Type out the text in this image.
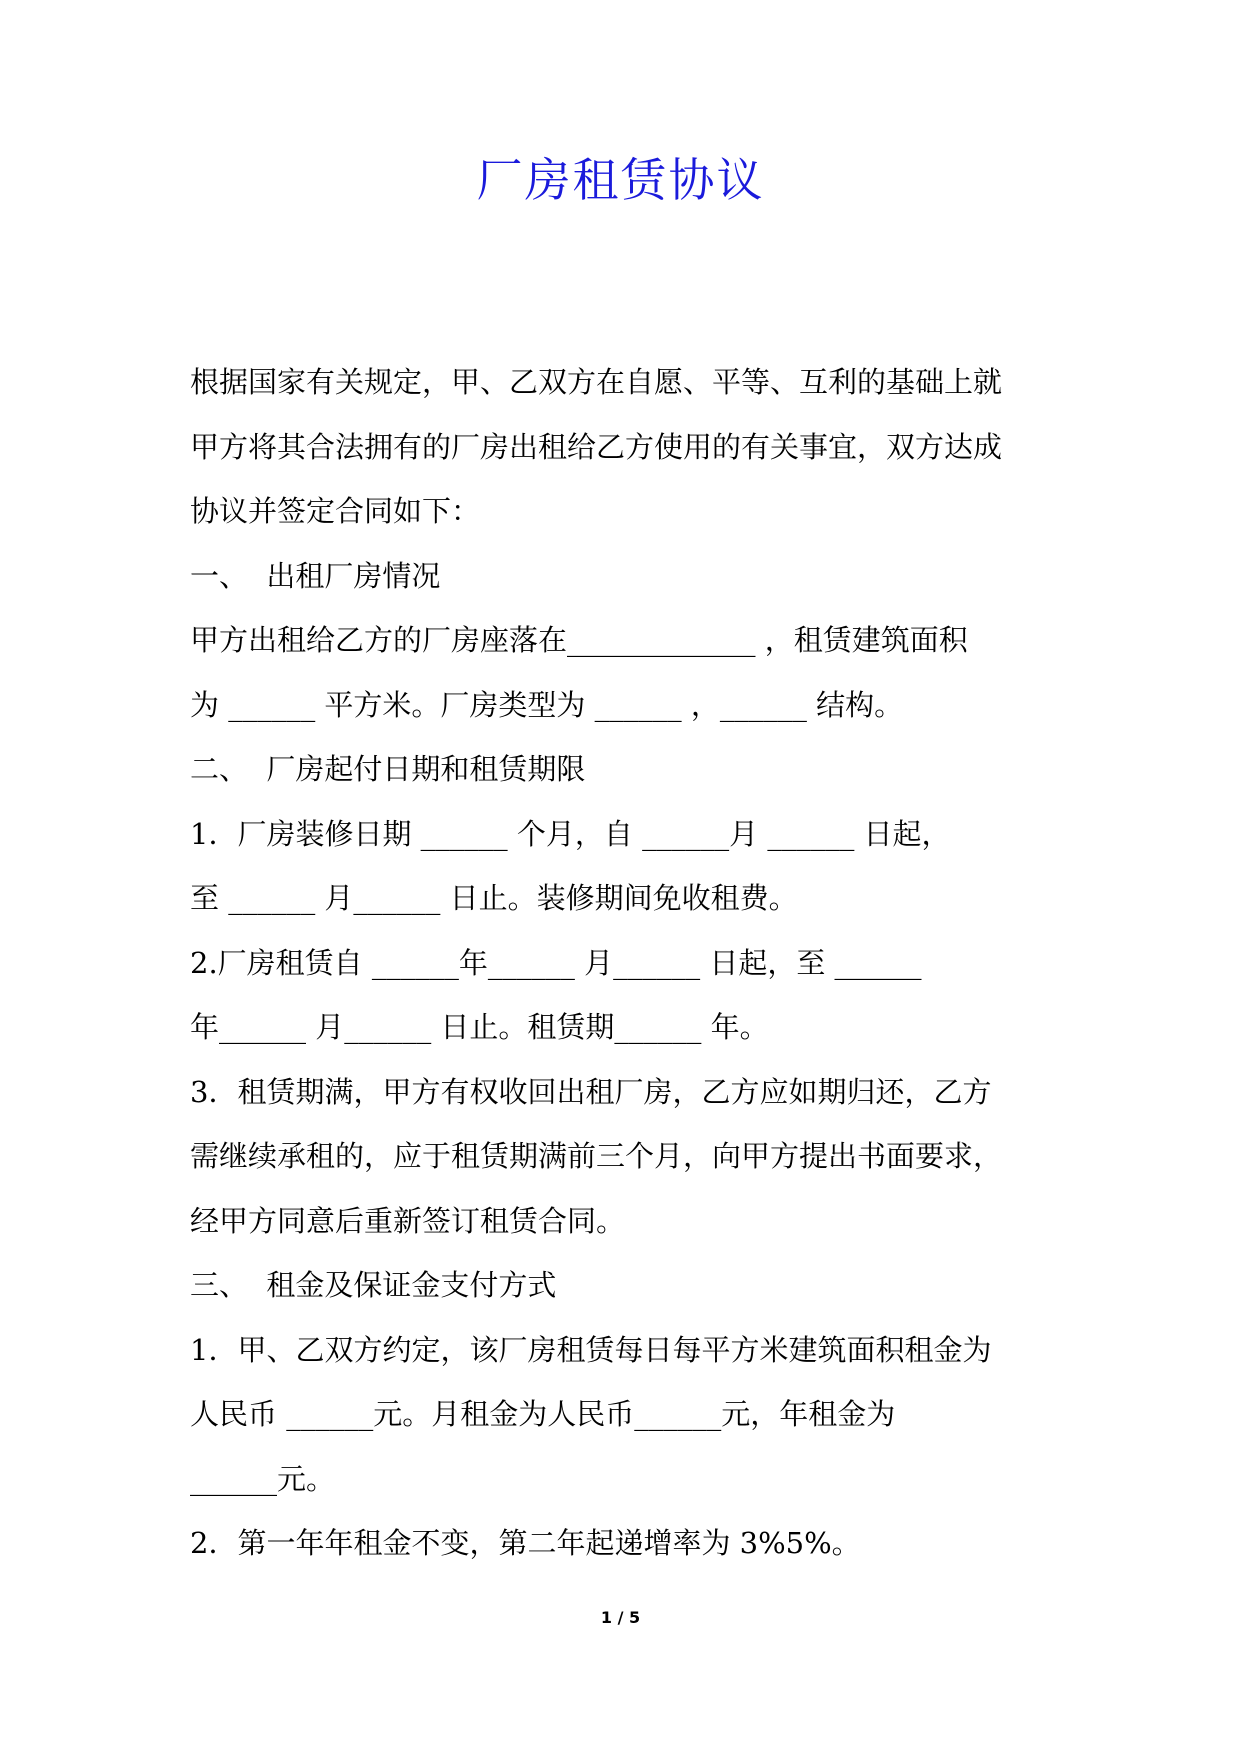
厂房租赁协议
根据国家有关规定，甲、乙双方在自愿、平等、互利的基础上就
甲方将其合法拥有的厂房出租给乙方使用的有关事宜，双方达成
协议并签定合同如下：
一、  出租厂房情况
甲方出租给乙方的厂房座落在_____________ ，租赁建筑面积
为 ______ 平方米。厂房类型为 ______ ，______ 结构。
二、  厂房起付日期和租赁期限
1．厂房装修日期 ______ 个月，自 ______月 ______ 日起，
至 ______ 月______ 日止。装修期间免收租费。
2.厂房租赁自 ______年______ 月______ 日起，至 ______
年______ 月______ 日止。租赁期______ 年。
3．租赁期满，甲方有权收回出租厂房，乙方应如期归还，乙方
需继续承租的，应于租赁期满前三个月，向甲方提出书面要求，
经甲方同意后重新签订租赁合同。
三、  租金及保证金支付方式
1．甲、乙双方约定，该厂房租赁每日每平方米建筑面积租金为
人民币 ______元。月租金为人民币______元，年租金为
______元。
2．第一年年租金不变，第二年起递增率为 3%5%。
1 / 5
